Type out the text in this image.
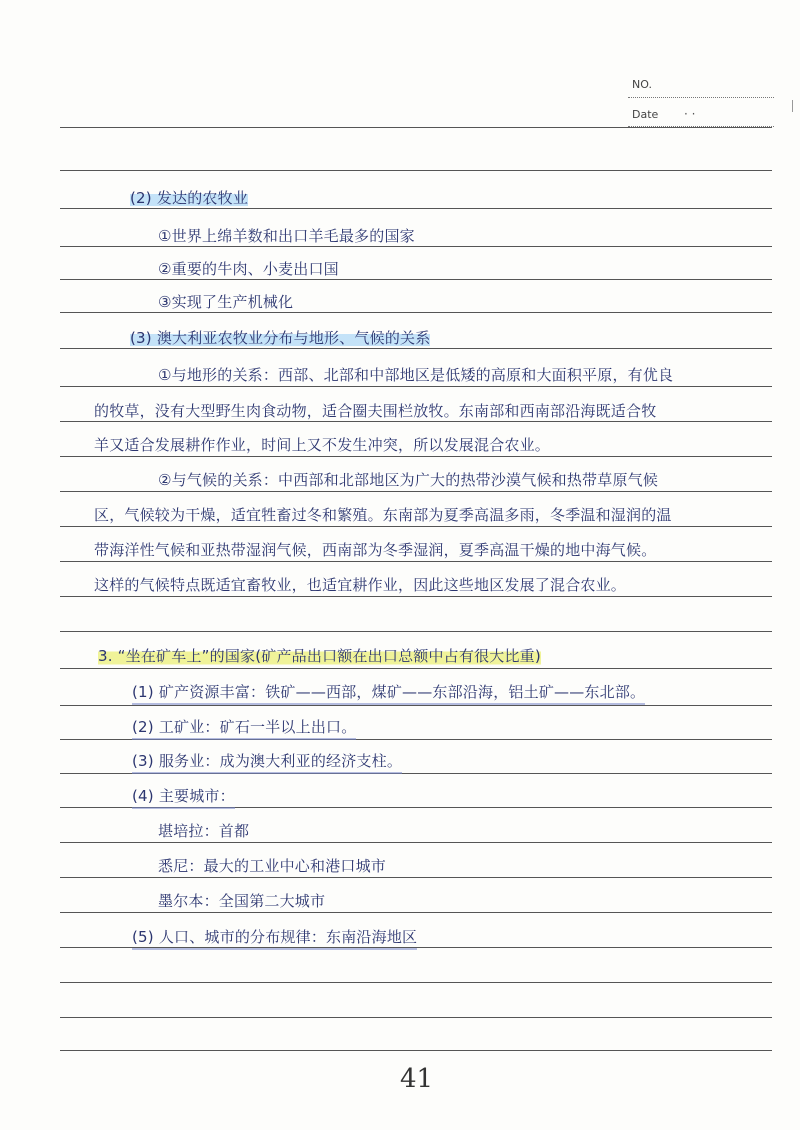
NO.
Date · ·
(2) 发达的农牧业
①世界上绵羊数和出口羊毛最多的国家
②重要的牛肉、小麦出口国
③实现了生产机械化
(3) 澳大利亚农牧业分布与地形、气候的关系
①与地形的关系：西部、北部和中部地区是低矮的高原和大面积平原，有优良
的牧草，没有大型野生肉食动物，适合圈夫围栏放牧。东南部和西南部沿海既适合牧
羊又适合发展耕作作业，时间上又不发生冲突，所以发展混合农业。
②与气候的关系：中西部和北部地区为广大的热带沙漠气候和热带草原气候
区，气候较为干燥，适宜牲畜过冬和繁殖。东南部为夏季高温多雨，冬季温和湿润的温
带海洋性气候和亚热带湿润气候，西南部为冬季湿润，夏季高温干燥的地中海气候。
这样的气候特点既适宜畜牧业，也适宜耕作业，因此这些地区发展了混合农业。
3. “坐在矿车上”的国家(矿产品出口额在出口总额中占有很大比重)
(1) 矿产资源丰富：铁矿——西部，煤矿——东部沿海，铝土矿——东北部。
(2) 工矿业：矿石一半以上出口。
(3) 服务业：成为澳大利亚的经济支柱。
(4) 主要城市：
堪培拉：首都
悉尼：最大的工业中心和港口城市
墨尔本：全国第二大城市
(5) 人口、城市的分布规律：东南沿海地区
41
